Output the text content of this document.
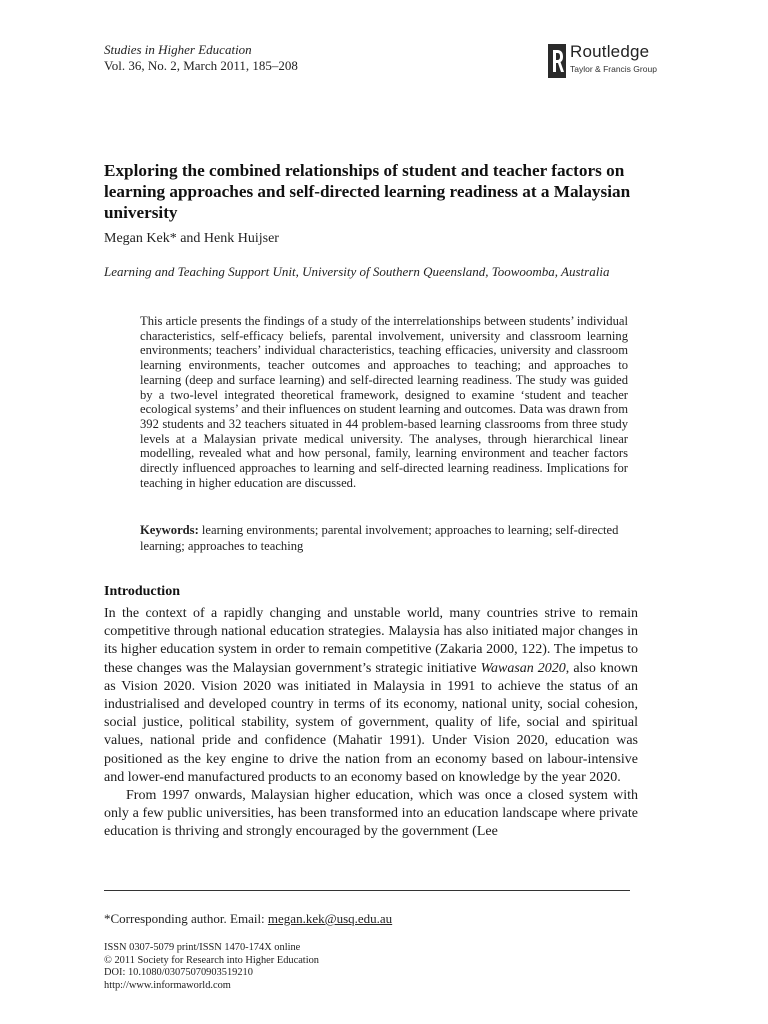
Studies in Higher Education
Vol. 36, No. 2, March 2011, 185–208
Routledge
Taylor & Francis Group
Exploring the combined relationships of student and teacher factors on learning approaches and self-directed learning readiness at a Malaysian university
Megan Kek* and Henk Huijser
Learning and Teaching Support Unit, University of Southern Queensland, Toowoomba, Australia
This article presents the findings of a study of the interrelationships between students’ individual characteristics, self-efficacy beliefs, parental involvement, university and classroom learning environments; teachers’ individual characteristics, teaching efficacies, university and classroom learning environments, teacher outcomes and approaches to teaching; and approaches to learning (deep and surface learning) and self-directed learning readiness. The study was guided by a two-level integrated theoretical framework, designed to examine ‘student and teacher ecological systems’ and their influences on student learning and outcomes. Data was drawn from 392 students and 32 teachers situated in 44 problem-based learning classrooms from three study levels at a Malaysian private medical university. The analyses, through hierarchical linear modelling, revealed what and how personal, family, learning environment and teacher factors directly influenced approaches to learning and self-directed learning readiness. Implications for teaching in higher education are discussed.
Keywords: learning environments; parental involvement; approaches to learning; self-directed learning; approaches to teaching
Introduction

In the context of a rapidly changing and unstable world, many countries strive to remain competitive through national education strategies. Malaysia has also initiated major changes in its higher education system in order to remain competitive (Zakaria 2000, 122). The impetus to these changes was the Malaysian government’s strategic initiative Wawasan 2020, also known as Vision 2020. Vision 2020 was initiated in Malaysia in 1991 to achieve the status of an industrialised and developed country in terms of its economy, national unity, social cohesion, social justice, political stability, system of government, quality of life, social and spiritual values, national pride and confidence (Mahatir 1991). Under Vision 2020, education was positioned as the key engine to drive the nation from an economy based on labour-intensive and lower-end manufactured products to an economy based on knowledge by the year 2020.

From 1997 onwards, Malaysian higher education, which was once a closed system with only a few public universities, has been transformed into an education landscape where private education is thriving and strongly encouraged by the government (Lee

*Corresponding author. Email: megan.kek@usq.edu.au
ISSN 0307-5079 print/ISSN 1470-174X online
© 2011 Society for Research into Higher Education
DOI: 10.1080/03075070903519210
http://www.informaworld.com
